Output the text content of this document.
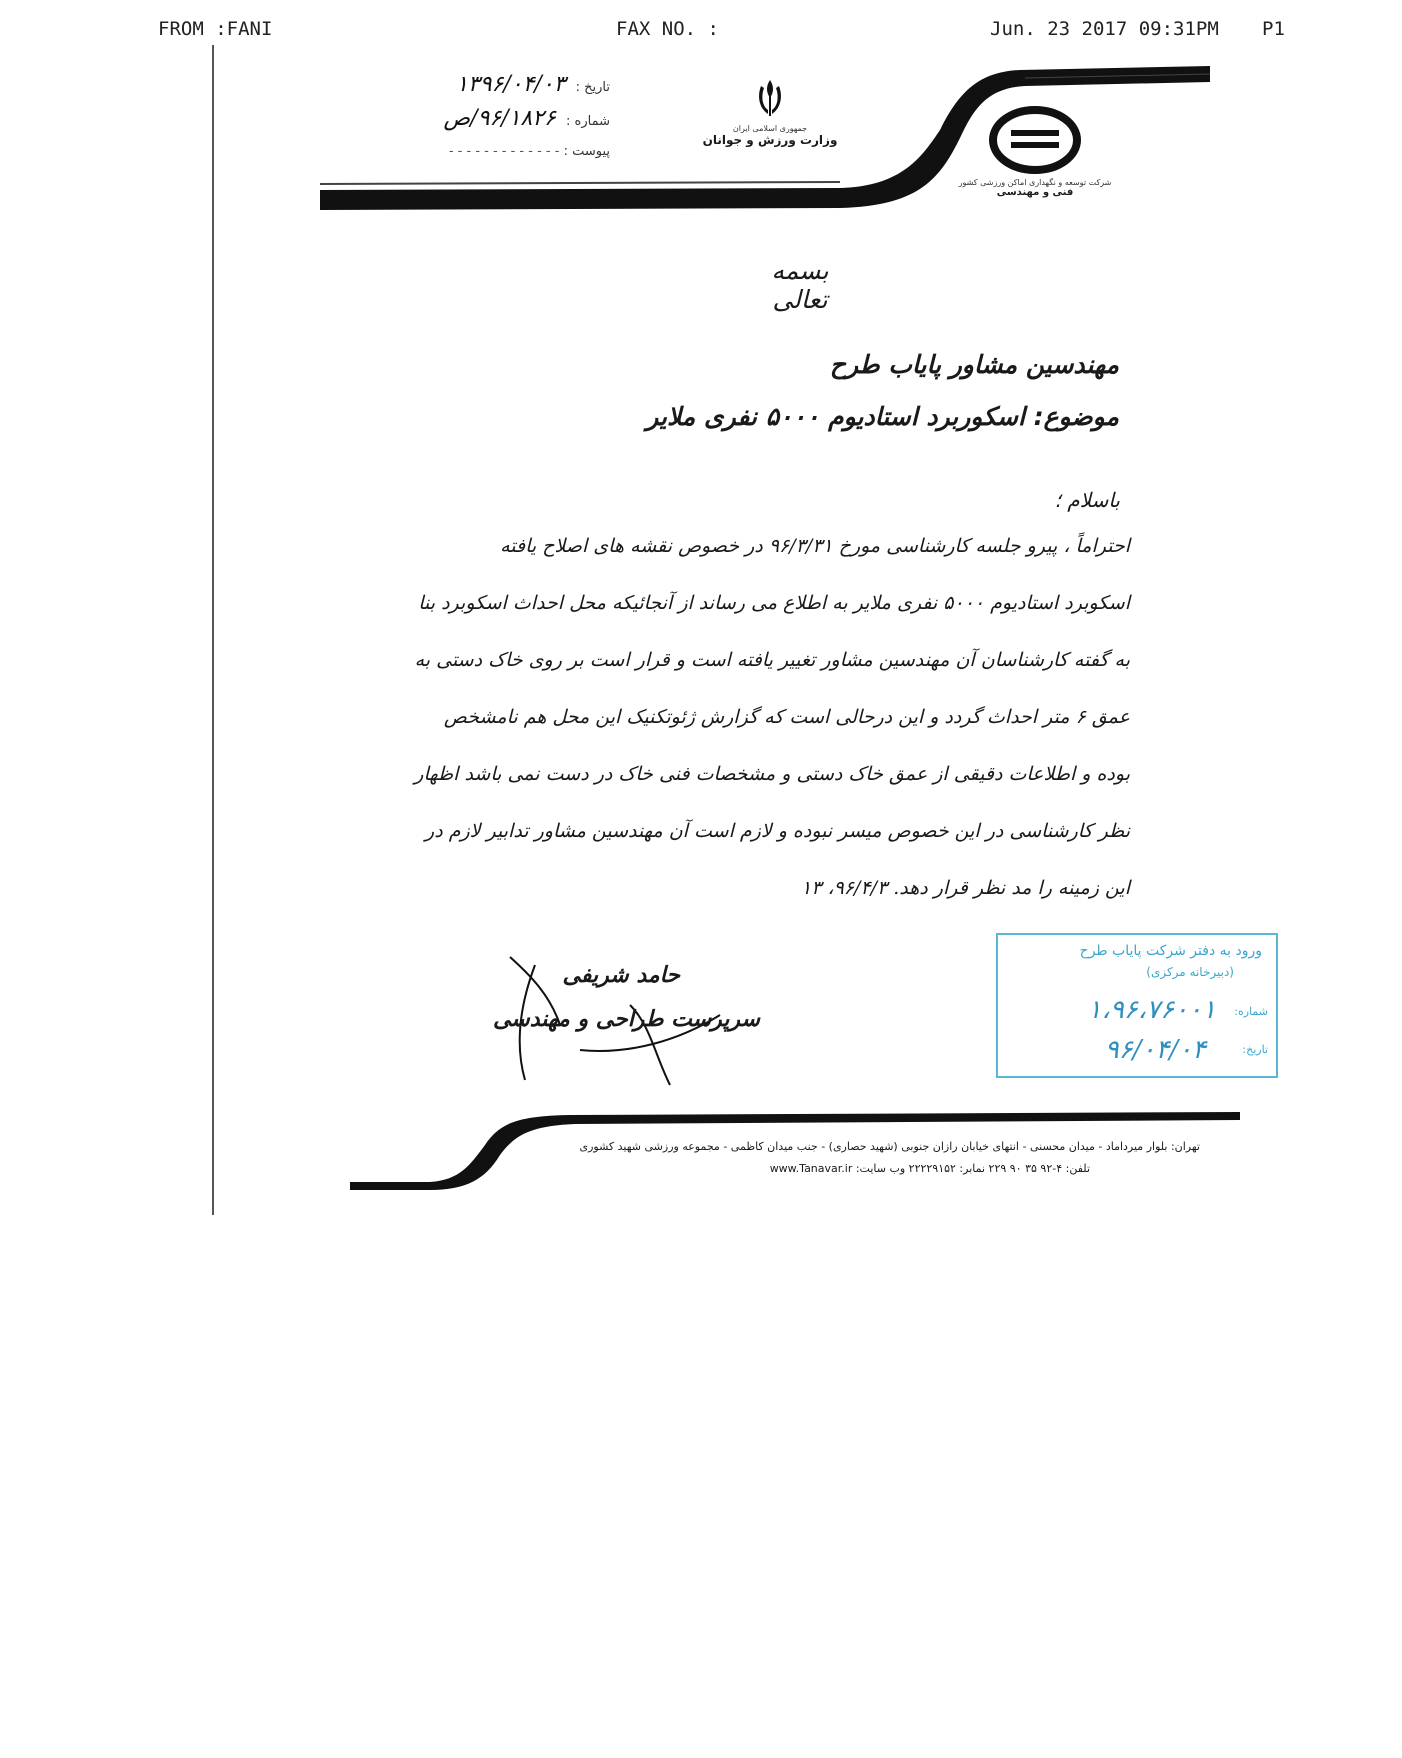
FROM :FANI	FAX NO. :	Jun. 23 2017 09:31PM P1
تاریخ : ۱۳۹۶/۰۴/۰۳
شماره : ۹۶/۱۸۲۶/ص
پیوست : - - - - - - - - - - - - -
جمهوری اسلامی ایران
وزارت ورزش و جوانان
شرکت توسعه و نگهداری اماکن ورزشی کشور
فنی و مهندسی
بسمه تعالی
مهندسین مشاور پایاب طرح
موضوع: اسکوربرد استادیوم ۵۰۰۰ نفری ملایر
باسلام ؛
احتراماً ، پیرو جلسه کارشناسی مورخ ۹۶/۳/۳۱ در خصوص نقشه های اصلاح یافته
اسکوبرد استادیوم ۵۰۰۰ نفری ملایر به اطلاع می رساند از آنجائیکه محل احداث اسکوبرد بنا
به گفته کارشناسان آن مهندسین مشاور تغییر یافته است و قرار است بر روی خاک دستی به
عمق ۶ متر احداث گردد و این درحالی است که گزارش ژئوتکنیک این محل هم نامشخص
بوده و اطلاعات دقیقی از عمق خاک دستی و مشخصات فنی خاک در دست نمی باشد اظهار
نظر کارشناسی در این خصوص میسر نبوده و لازم است آن مهندسین مشاور تدابیر لازم در
این زمینه را مد نظر قرار دهد. ۹۶/۴/۳، ۱۳
حامد شریفی
سرپرست طراحی و مهندسی
ورود به دفتر شرکت پایاب طرح
(دبیرخانه مرکزی)
شماره:
۱،۹۶،۷۶۰۰۱
تاریخ:
۹۶/۰۴/۰۴
تهران: بلوار میرداماد - میدان محسنی - انتهای خیابان رازان جنوبی (شهید حصاری) - جنب میدان کاظمی - مجموعه ورزشی شهید کشوری
تلفن: ۴-۹۲ ۳۵ ۹۰ ۲۲۹ نمابر: ۲۲۲۲۹۱۵۲ وب سایت: www.Tanavar.ir
